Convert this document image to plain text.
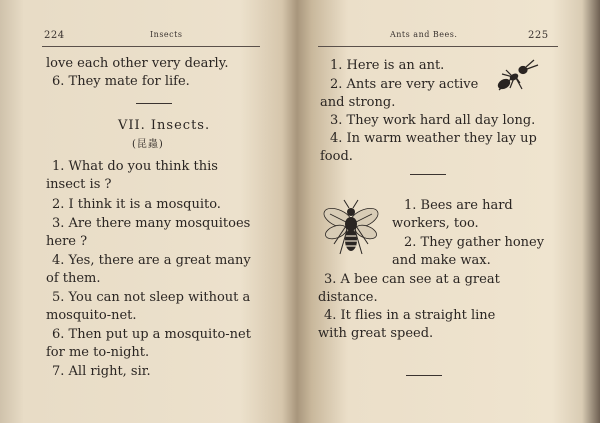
224	Insects
love each other very dearly.
6. They mate for life.
VII. Insects.
(昆蟲)
1. What do you think this
insect is ?
2. I think it is a mosquito.
3. Are there many mosquitoes
here ?
4. Yes, there are a great many
of them.
5. You can not sleep without a
mosquito-net.
6. Then put up a mosquito-net
for me to-night.
7. All right, sir.
Ants and Bees.	225
1. Here is an ant.
2. Ants are very active
and strong.
3. They work hard all day long.
4. In warm weather they lay up
food.
1. Bees are hard
workers, too.
2. They gather honey
and make wax.
3. A bee can see at a great
distance.
4. It flies in a straight line
with great speed.
